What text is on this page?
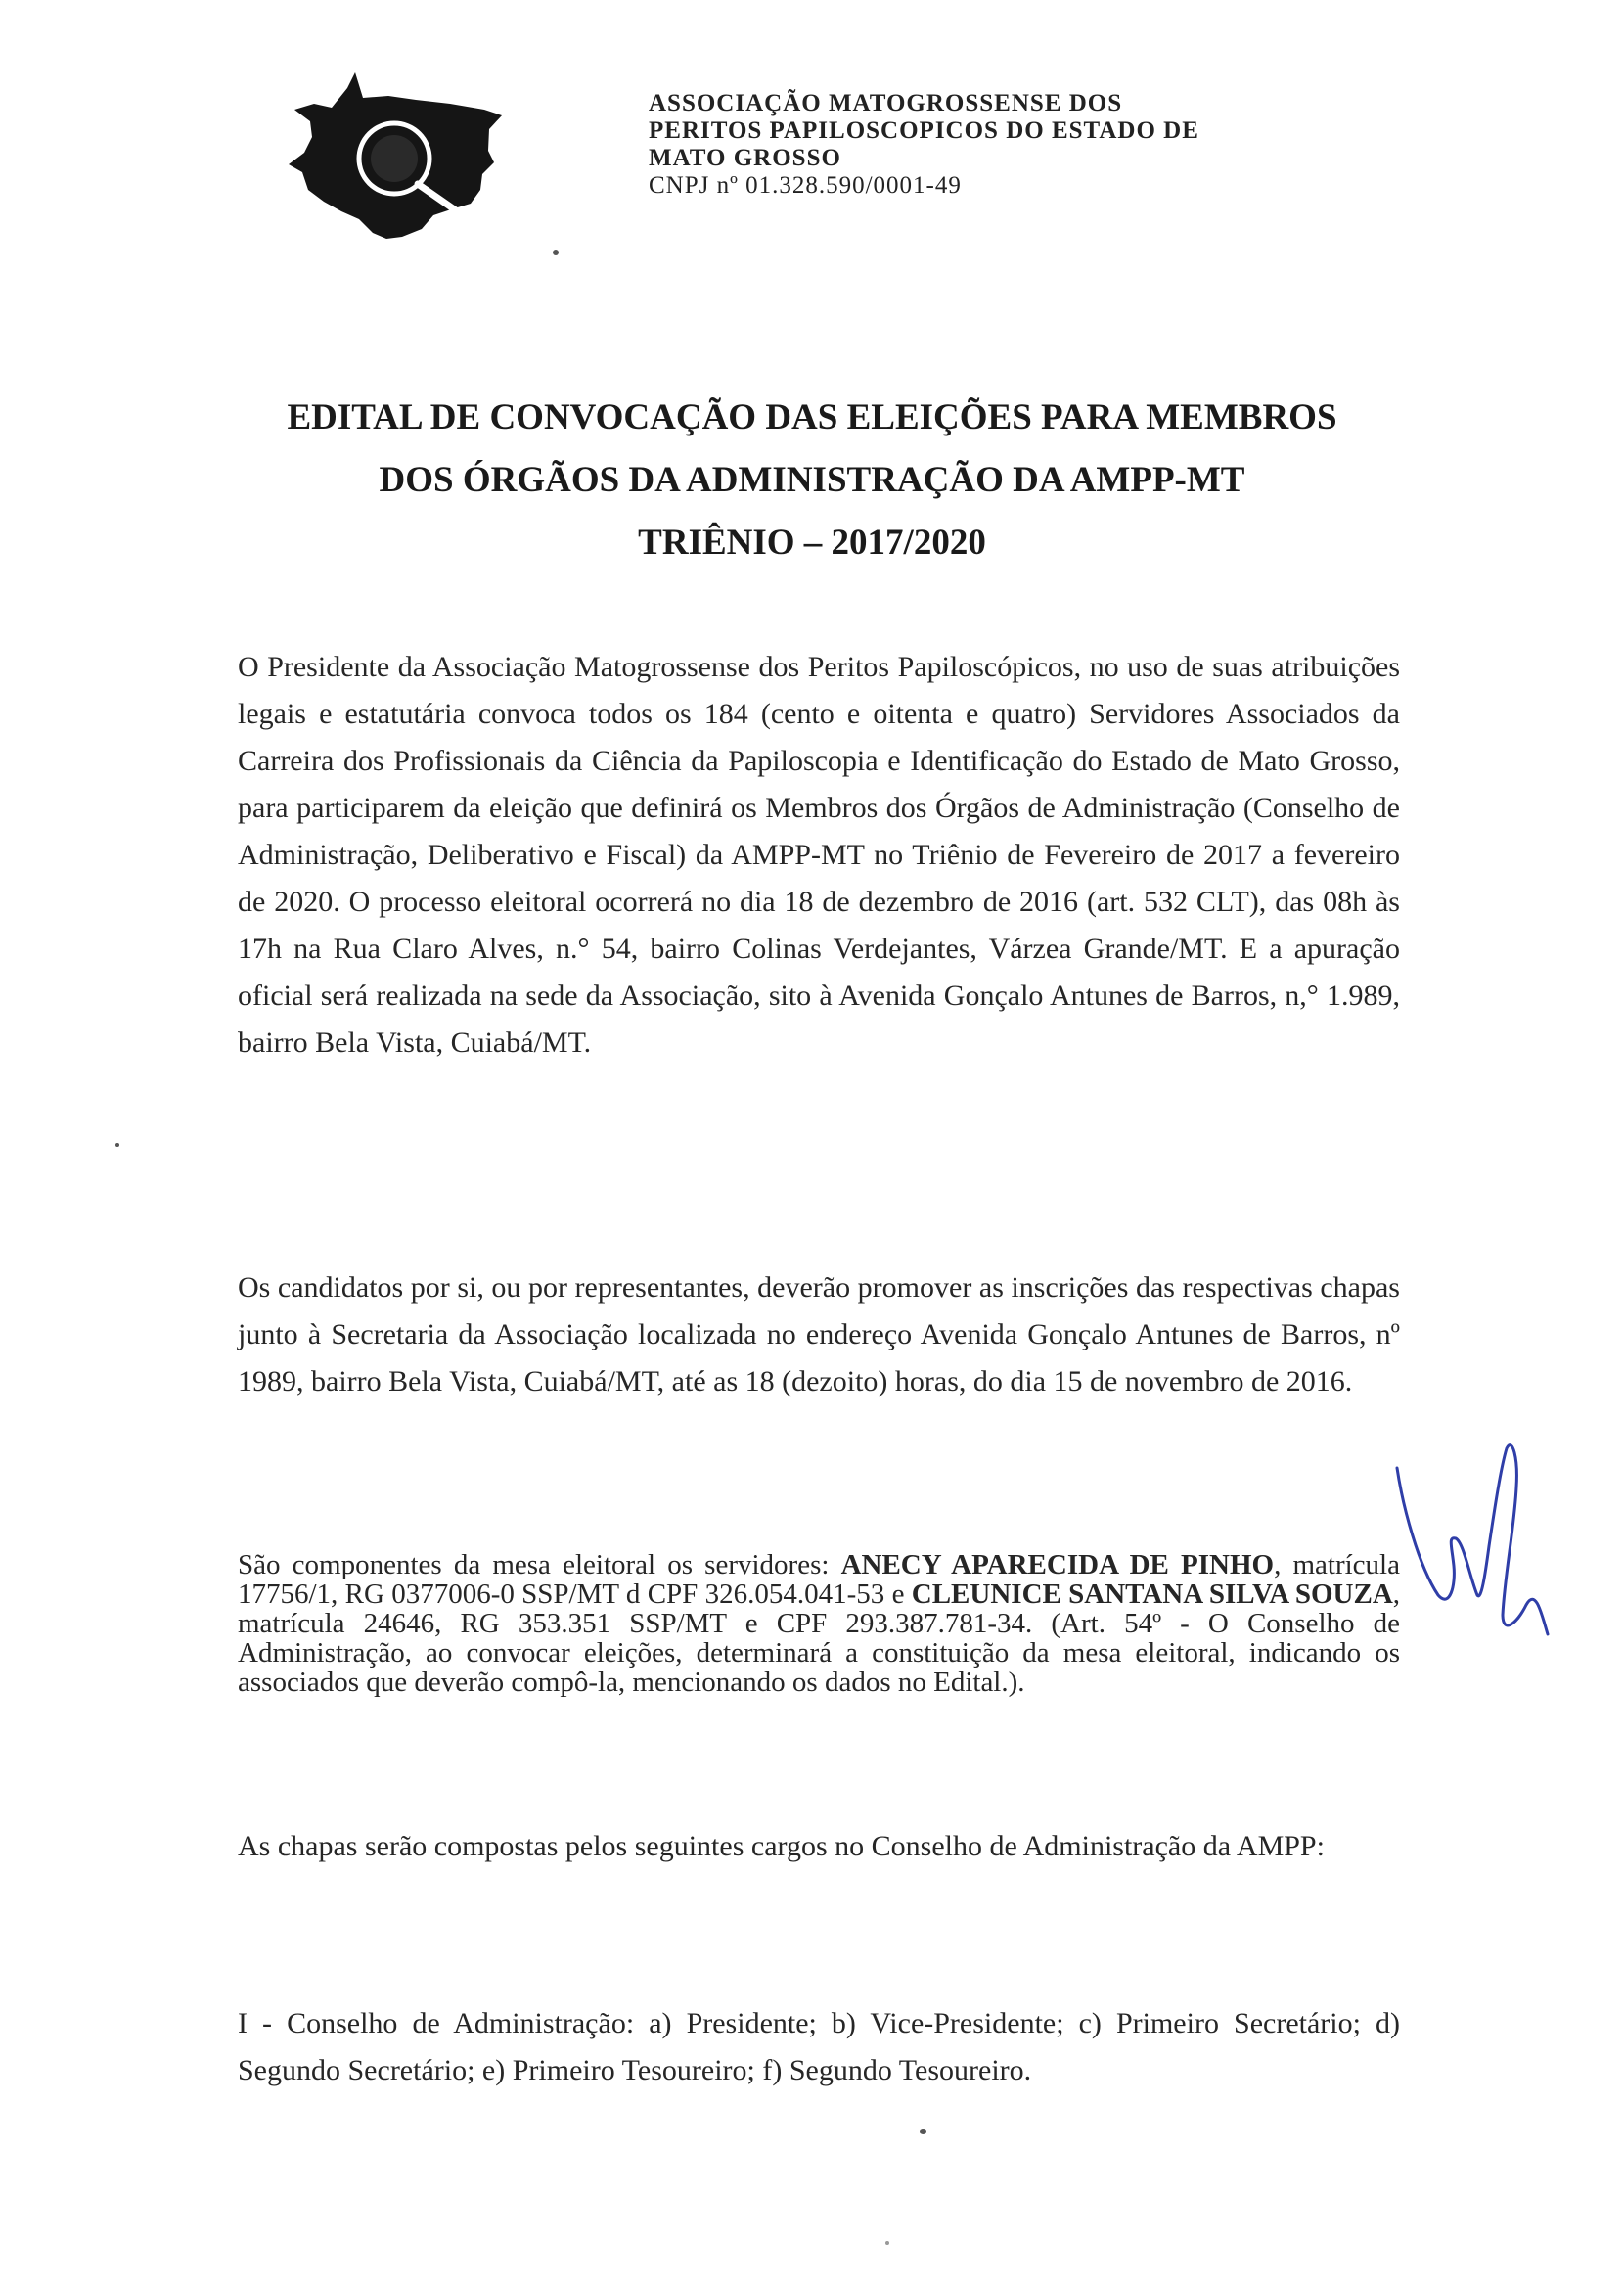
ASSOCIAÇÃO MATOGROSSENSE DOS
PERITOS PAPILOSCOPICOS DO ESTADO DE
MATO GROSSO
CNPJ nº 01.328.590/0001-49
EDITAL DE CONVOCAÇÃO DAS ELEIÇÕES PARA MEMBROS
DOS ÓRGÃOS DA ADMINISTRAÇÃO DA AMPP-MT
TRIÊNIO – 2017/2020

O Presidente da Associação Matogrossense dos Peritos Papiloscópicos, no uso de suas atribuições legais e estatutária convoca todos os 184 (cento e oitenta e quatro) Servidores Associados da Carreira dos Profissionais da Ciência da Papiloscopia e Identificação do Estado de Mato Grosso, para participarem da eleição que definirá os Membros dos Órgãos de Administração (Conselho de Administração, Deliberativo e Fiscal) da AMPP-MT no Triênio de Fevereiro de 2017 a fevereiro de 2020. O processo eleitoral ocorrerá no dia 18 de dezembro de 2016 (art. 532 CLT), das 08h às 17h na Rua Claro Alves, n.° 54, bairro Colinas Verdejantes, Várzea Grande/MT. E a apuração oficial será realizada na sede da Associação, sito à Avenida Gonçalo Antunes de Barros, n,° 1.989, bairro Bela Vista, Cuiabá/MT.

Os candidatos por si, ou por representantes, deverão promover as inscrições das respectivas chapas junto à Secretaria da Associação localizada no endereço Avenida Gonçalo Antunes de Barros, nº 1989, bairro Bela Vista, Cuiabá/MT, até as 18 (dezoito) horas, do dia 15 de novembro de 2016.

São componentes da mesa eleitoral os servidores: ANECY APARECIDA DE PINHO, matrícula 17756/1, RG 0377006-0 SSP/MT d CPF 326.054.041-53 e CLEUNICE SANTANA SILVA SOUZA, matrícula 24646, RG 353.351 SSP/MT e CPF 293.387.781-34. (Art. 54º - O Conselho de Administração, ao convocar eleições, determinará a constituição da mesa eleitoral, indicando os associados que deverão compô-la, mencionando os dados no Edital.).

As chapas serão compostas pelos seguintes cargos no Conselho de Administração da AMPP:

I - Conselho de Administração: a) Presidente; b) Vice-Presidente; c) Primeiro Secretário; d) Segundo Secretário; e) Primeiro Tesoureiro; f) Segundo Tesoureiro.
